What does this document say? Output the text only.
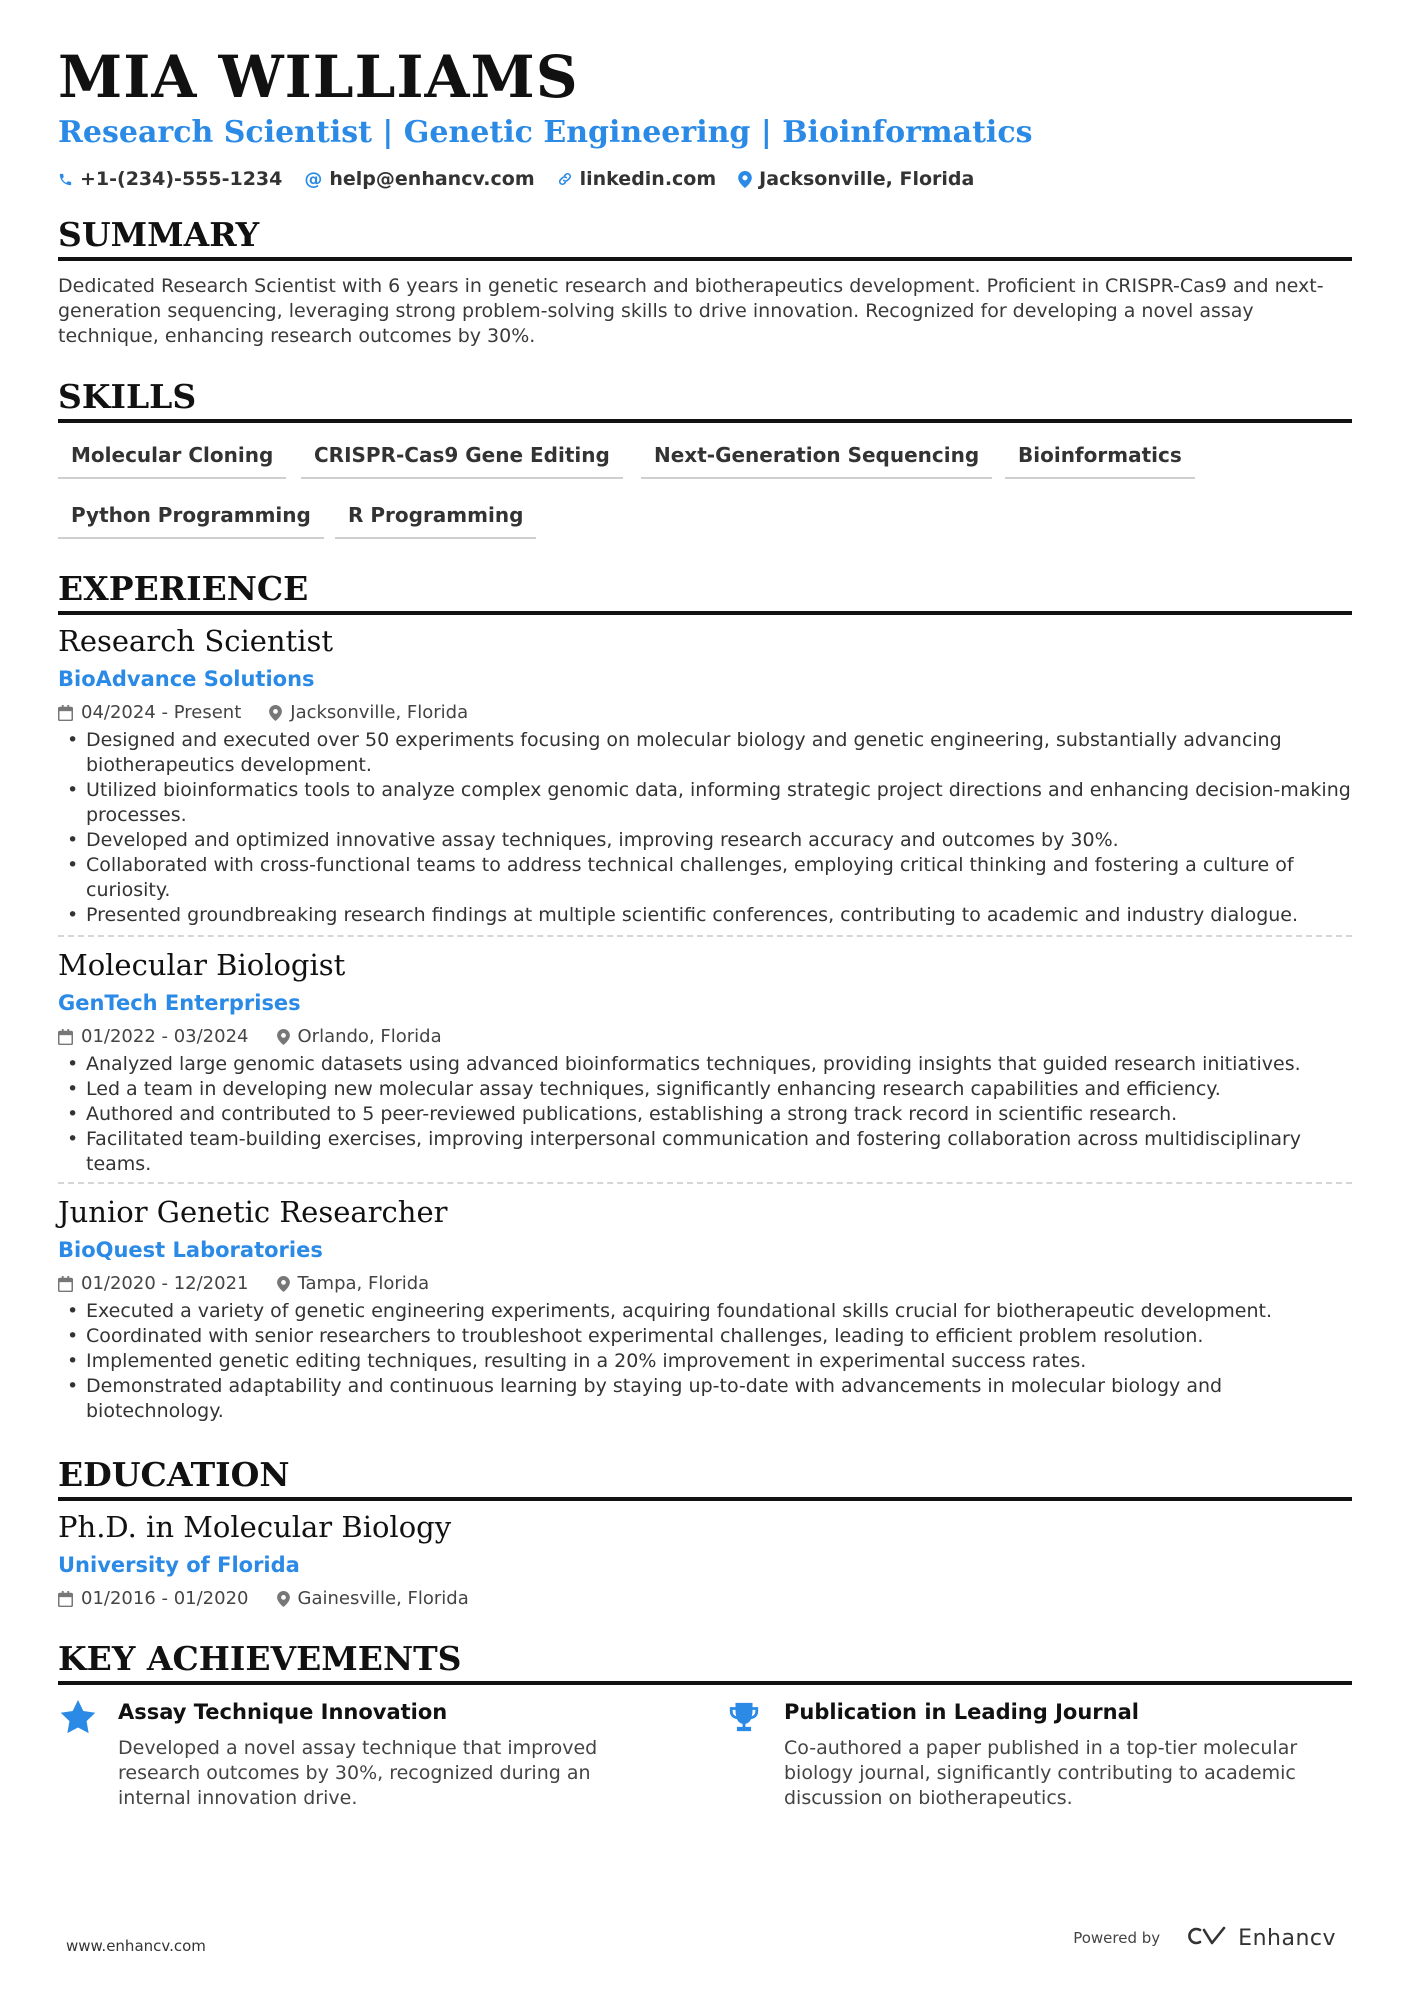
MIA WILLIAMS
Research Scientist | Genetic Engineering | Bioinformatics
+1-(234)-555-1234 @ help@enhancv.com linkedin.com Jacksonville, Florida
SUMMARY

Dedicated Research Scientist with 6 years in genetic research and biotherapeutics development. Proficient in CRISPR-Cas9 and next-generation sequencing, leveraging strong problem-solving skills to drive innovation. Recognized for developing a novel assay technique, enhancing research outcomes by 30%.

SKILLS
Molecular Cloning	CRISPR-Cas9 Gene Editing	Next-Generation Sequencing	Bioinformatics
Python Programming	R Programming
EXPERIENCE
Research Scientist
BioAdvance Solutions
04/2024 - Present	Jacksonville, Florida
• Designed and executed over 50 experiments focusing on molecular biology and genetic engineering, substantially advancing biotherapeutics development.
• Utilized bioinformatics tools to analyze complex genomic data, informing strategic project directions and enhancing decision-making processes.
• Developed and optimized innovative assay techniques, improving research accuracy and outcomes by 30%.
• Collaborated with cross-functional teams to address technical challenges, employing critical thinking and fostering a culture of curiosity.
• Presented groundbreaking research findings at multiple scientific conferences, contributing to academic and industry dialogue.
Molecular Biologist
GenTech Enterprises
01/2022 - 03/2024	Orlando, Florida
• Analyzed large genomic datasets using advanced bioinformatics techniques, providing insights that guided research initiatives.
• Led a team in developing new molecular assay techniques, significantly enhancing research capabilities and efficiency.
• Authored and contributed to 5 peer-reviewed publications, establishing a strong track record in scientific research.
• Facilitated team-building exercises, improving interpersonal communication and fostering collaboration across multidisciplinary teams.
Junior Genetic Researcher
BioQuest Laboratories
01/2020 - 12/2021	Tampa, Florida
• Executed a variety of genetic engineering experiments, acquiring foundational skills crucial for biotherapeutic development.
• Coordinated with senior researchers to troubleshoot experimental challenges, leading to efficient problem resolution.
• Implemented genetic editing techniques, resulting in a 20% improvement in experimental success rates.
• Demonstrated adaptability and continuous learning by staying up-to-date with advancements in molecular biology and biotechnology.
EDUCATION
Ph.D. in Molecular Biology
University of Florida
01/2016 - 01/2020	Gainesville, Florida
KEY ACHIEVEMENTS

Assay Technique Innovation

Developed a novel assay technique that improved research outcomes by 30%, recognized during an internal innovation drive.

Publication in Leading Journal

Co-authored a paper published in a top-tier molecular biology journal, significantly contributing to academic discussion on biotherapeutics.

www.enhancv.com	Powered by	Enhancv
